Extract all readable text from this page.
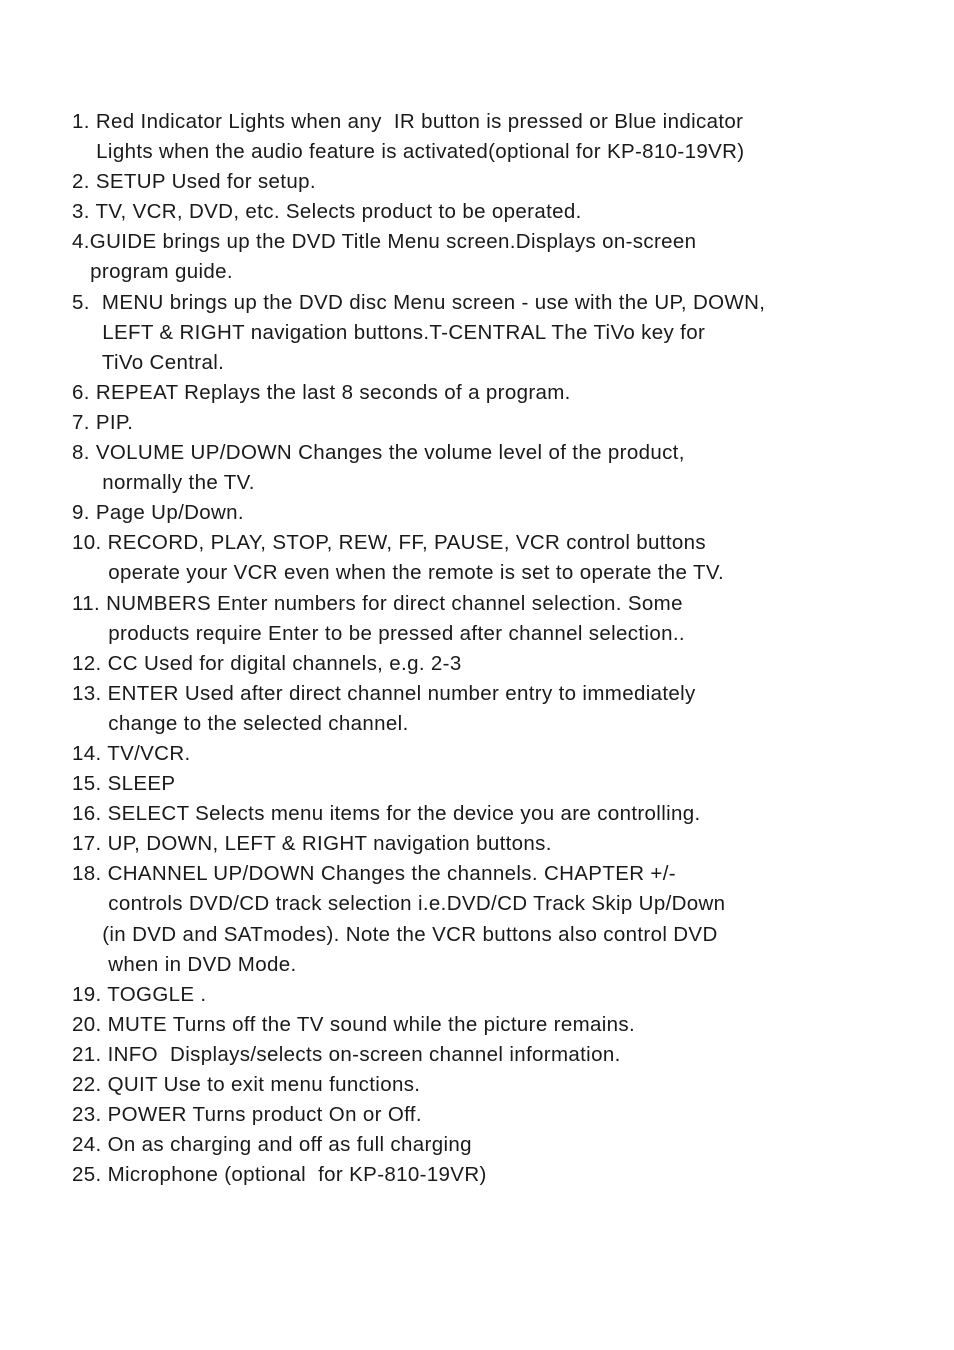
1. Red Indicator Lights when any  IR button is pressed or Blue indicator
Lights when the audio feature is activated(optional for KP-810-19VR)
2. SETUP Used for setup.
3. TV, VCR, DVD, etc. Selects product to be operated.
4.GUIDE brings up the DVD Title Menu screen.Displays on-screen
program guide.
5.  MENU brings up the DVD disc Menu screen - use with the UP, DOWN,
LEFT & RIGHT navigation buttons.T-CENTRAL The TiVo key for
TiVo Central.
6. REPEAT Replays the last 8 seconds of a program.
7. PIP.
8. VOLUME UP/DOWN Changes the volume level of the product,
normally the TV.
9. Page Up/Down.
10. RECORD, PLAY, STOP, REW, FF, PAUSE, VCR control buttons
operate your VCR even when the remote is set to operate the TV.
11. NUMBERS Enter numbers for direct channel selection. Some
products require Enter to be pressed after channel selection..
12. CC Used for digital channels, e.g. 2-3
13. ENTER Used after direct channel number entry to immediately
change to the selected channel.
14. TV/VCR.
15. SLEEP
16. SELECT Selects menu items for the device you are controlling.
17. UP, DOWN, LEFT & RIGHT navigation buttons.
18. CHANNEL UP/DOWN Changes the channels. CHAPTER +/-
controls DVD/CD track selection i.e.DVD/CD Track Skip Up/Down
(in DVD and SATmodes). Note the VCR buttons also control DVD
when in DVD Mode.
19. TOGGLE .
20. MUTE Turns off the TV sound while the picture remains.
21. INFO  Displays/selects on-screen channel information.
22. QUIT Use to exit menu functions.
23. POWER Turns product On or Off.
24. On as charging and off as full charging
25. Microphone (optional  for KP-810-19VR)
